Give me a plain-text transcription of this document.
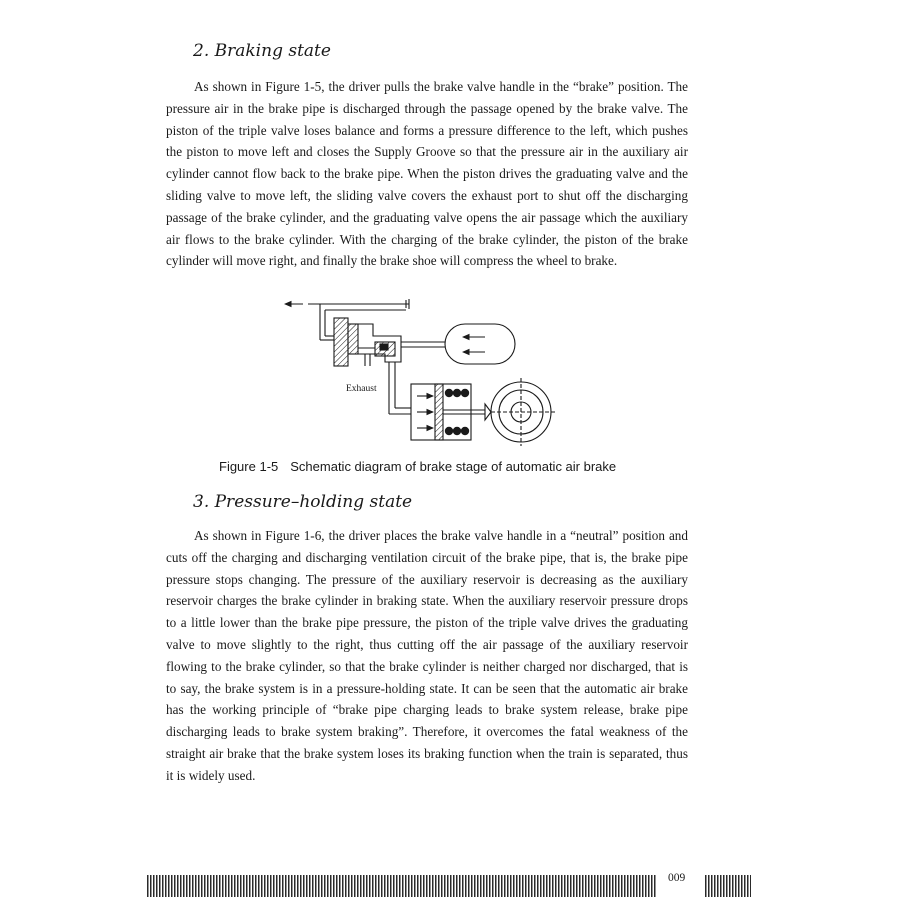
2. Braking state

As shown in Figure 1-5, the driver pulls the brake valve handle in the “brake” position. The pressure air in the brake pipe is discharged through the passage opened by the brake valve. The piston of the triple valve loses balance and forms a pressure difference to the left, which pushes the piston to move left and closes the Supply Groove so that the pressure air in the auxiliary air cylinder cannot flow back to the brake pipe. When the piston drives the graduating valve and the sliding valve to move left, the sliding valve covers the exhaust port to shut off the discharging passage of the brake cylinder, and the graduating valve opens the air passage which the auxiliary air flows to the brake cylinder. With the charging of the brake cylinder, the piston of the brake cylinder will move right, and finally the brake shoe will compress the wheel to brake.

Exhaust

Figure 1-5 Schematic diagram of brake stage of automatic air brake

3. Pressure–holding state

As shown in Figure 1-6, the driver places the brake valve handle in a “neutral” position and cuts off the charging and discharging ventilation circuit of the brake pipe, that is, the brake pipe pressure stops changing. The pressure of the auxiliary reservoir is decreasing as the auxiliary reservoir charges the brake cylinder in braking state. When the auxiliary reservoir pressure drops to a little lower than the brake pipe pressure, the piston of the triple valve drives the graduating valve to move slightly to the right, thus cutting off the air passage of the auxiliary reservoir flowing to the brake cylinder, so that the brake cylinder is neither charged nor discharged, that is to say, the brake system is in a pressure-holding state. It can be seen that the automatic air brake has the working principle of “brake pipe charging leads to brake system release, brake pipe discharging leads to brake system braking”. Therefore, it overcomes the fatal weakness of the straight air brake that the brake system loses its braking function when the train is separated, thus it is widely used.

009
